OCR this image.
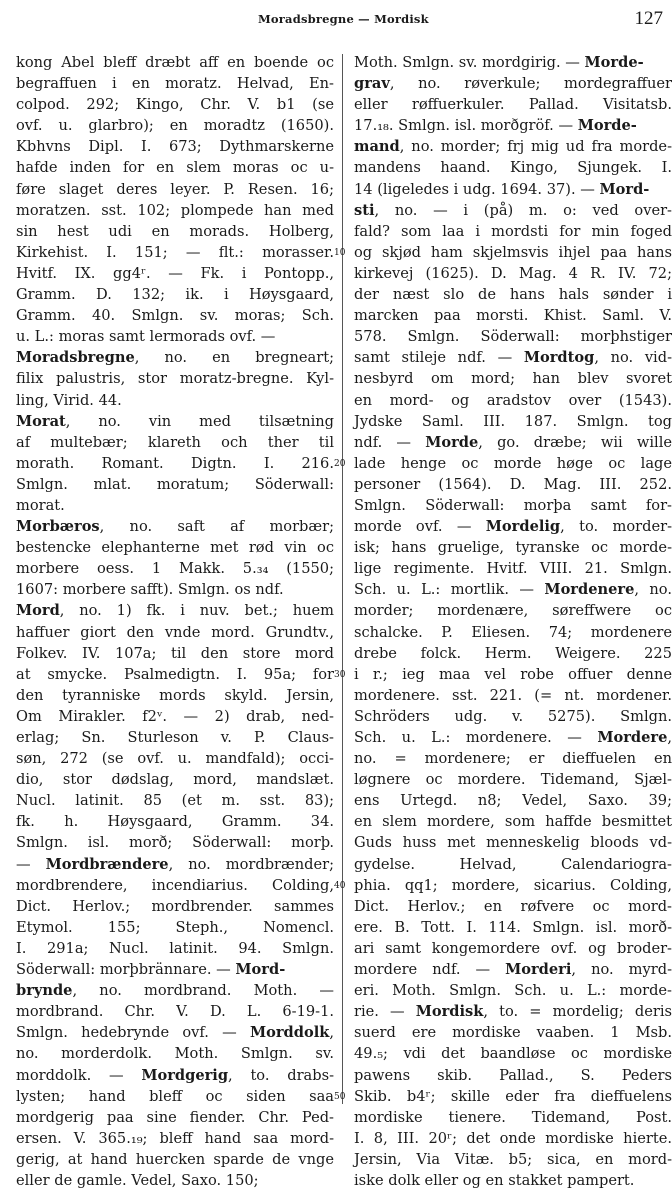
Moradsbregne — Mordisk	127
kong Abel bleff dræbt aff en boende oc
begraffuen i en moratz. Helvad, En-
colpod. 292; Kingo, Chr. V. b1 (se
ovf. u. glarbro); en moradtz (1650).
Kbhvns Dipl. I. 673; Dythmarskerne
hafde inden for en slem moras oc u-
føre slaget deres leyer. P. Resen. 16;
moratzen. sst. 102; plompede han med
sin hest udi en morads. Holberg,
Kirkehist. I. 151; — flt.: morasser.
Hvitf. IX. gg4ʳ. — Fk. i Pontopp.,
Gramm. D. 132; ik. i Høysgaard,
Gramm. 40. Smlgn. sv. moras; Sch.
u. L.: moras samt lermorads ovf. —
Moradsbregne, no. en bregneart;
filix palustris, stor moratz-bregne. Kyl-
ling, Virid. 44.
Morat, no. vin med tilsætning
af multebær; klareth och ther til
morath. Romant. Digtn. I. 216.
Smlgn. mlat. moratum; Söderwall:
morat.
Morbæros, no. saft af morbær;
bestencke elephanterne met rød vin oc
morbere oess. 1 Makk. 5.₃₄ (1550;
1607: morbere safft). Smlgn. os ndf.
Mord, no. 1) fk. i nuv. bet.; huem
haffuer giort den vnde mord. Grundtv.,
Folkev. IV. 107a; til den store mord
at smycke. Psalmedigtn. I. 95a; for
den tyranniske mords skyld. Jersin,
Om Mirakler. f2ᵛ. — 2) drab, ned-
erlag; Sn. Sturleson v. P. Claus-
søn, 272 (se ovf. u. mandfald); occi-
dio, stor dødslag, mord, mandslæt.
Nucl. latinit. 85 (et m. sst. 83);
fk. h. Høysgaard, Gramm. 34.
Smlgn. isl. morð; Söderwall: morþ.
— Mordbrændere, no. mordbrænder;
mordbrendere, incendiarius. Colding,
Dict. Herlov.; mordbrender. sammes
Etymol. 155; Steph., Nomencl.
I. 291a; Nucl. latinit. 94. Smlgn.
Söderwall: morþbrännare. — Mord-
brynde, no. mordbrand. Moth. —
mordbrand. Chr. V. D. L. 6-19-1.
Smlgn. hedebrynde ovf. — Morddolk,
no. morderdolk. Moth. Smlgn. sv.
morddolk. — Mordgerig, to. drabs-
lysten; hand bleff oc siden saa
mordgerig paa sine fiender. Chr. Ped-
ersen. V. 365.₁₉; bleff hand saa mord-
gerig, at hand huercken sparde de vnge
eller de gamle. Vedel, Saxo. 150;
10
20
30
40
50
Moth. Smlgn. sv. mordgirig. — Morde-
grav, no. røverkule; mordegraffuer
eller røffuerkuler. Pallad. Visitatsb.
17.₁₈. Smlgn. isl. morðgröf. — Morde-
mand, no. morder; frj mig ud fra morde-
mandens haand. Kingo, Sjungek. I.
14 (ligeledes i udg. 1694. 37). — Mord-
sti, no. — i (på) m. o: ved over-
fald? som laa i mordsti for min foged
og skjød ham skjelmsvis ihjel paa hans
kirkevej (1625). D. Mag. 4 R. IV. 72;
der næst slo de hans hals sønder i
marcken paa morsti. Khist. Saml. V.
578. Smlgn. Söderwall: morþhstiger
samt stileje ndf. — Mordtog, no. vid-
nesbyrd om mord; han blev svoret
en mord- og aradstov over (1543).
Jydske Saml. III. 187. Smlgn. tog
ndf. — Morde, go. dræbe; wii wille
lade henge oc morde høge oc lage
personer (1564). D. Mag. III. 252.
Smlgn. Söderwall: morþa samt for-
morde ovf. — Mordelig, to. morder-
isk; hans gruelige, tyranske oc morde-
lige regimente. Hvitf. VIII. 21. Smlgn.
Sch. u. L.: mortlik. — Mordenere, no.
morder; mordenære, søreffwere oc
schalcke. P. Eliesen. 74; mordenere
drebe folck. Herm. Weigere. 225
i r.; ieg maa vel robe offuer denne
mordenere. sst. 221. (= nt. mordener.
Schröders udg. v. 5275). Smlgn.
Sch. u. L.: mordenere. — Mordere,
no. = mordenere; er dieffuelen en
løgnere oc mordere. Tidemand, Sjæl-
ens Urtegd. n8; Vedel, Saxo. 39;
en slem mordere, som haffde besmittet
Guds huss met menneskelig bloods vd-
gydelse. Helvad, Calendariogra-
phia. qq1; mordere, sicarius. Colding,
Dict. Herlov.; en røfvere oc mord-
ere. B. Tott. I. 114. Smlgn. isl. morð-
ari samt kongemordere ovf. og broder-
mordere ndf. — Morderi, no. myrd-
eri. Moth. Smlgn. Sch. u. L.: morde-
rie. — Mordisk, to. = mordelig; deris
suerd ere mordiske vaaben. 1 Msb.
49.₅; vdi det baandløse oc mordiske
pawens skib. Pallad., S. Peders
Skib. b4ʳ; skille eder fra dieffuelens
mordiske tienere. Tidemand, Post.
I. 8, III. 20ʳ; det onde mordiske hierte.
Jersin, Via Vitæ. b5; sica, en mord-
iske dolk eller og en stakket pampert.
